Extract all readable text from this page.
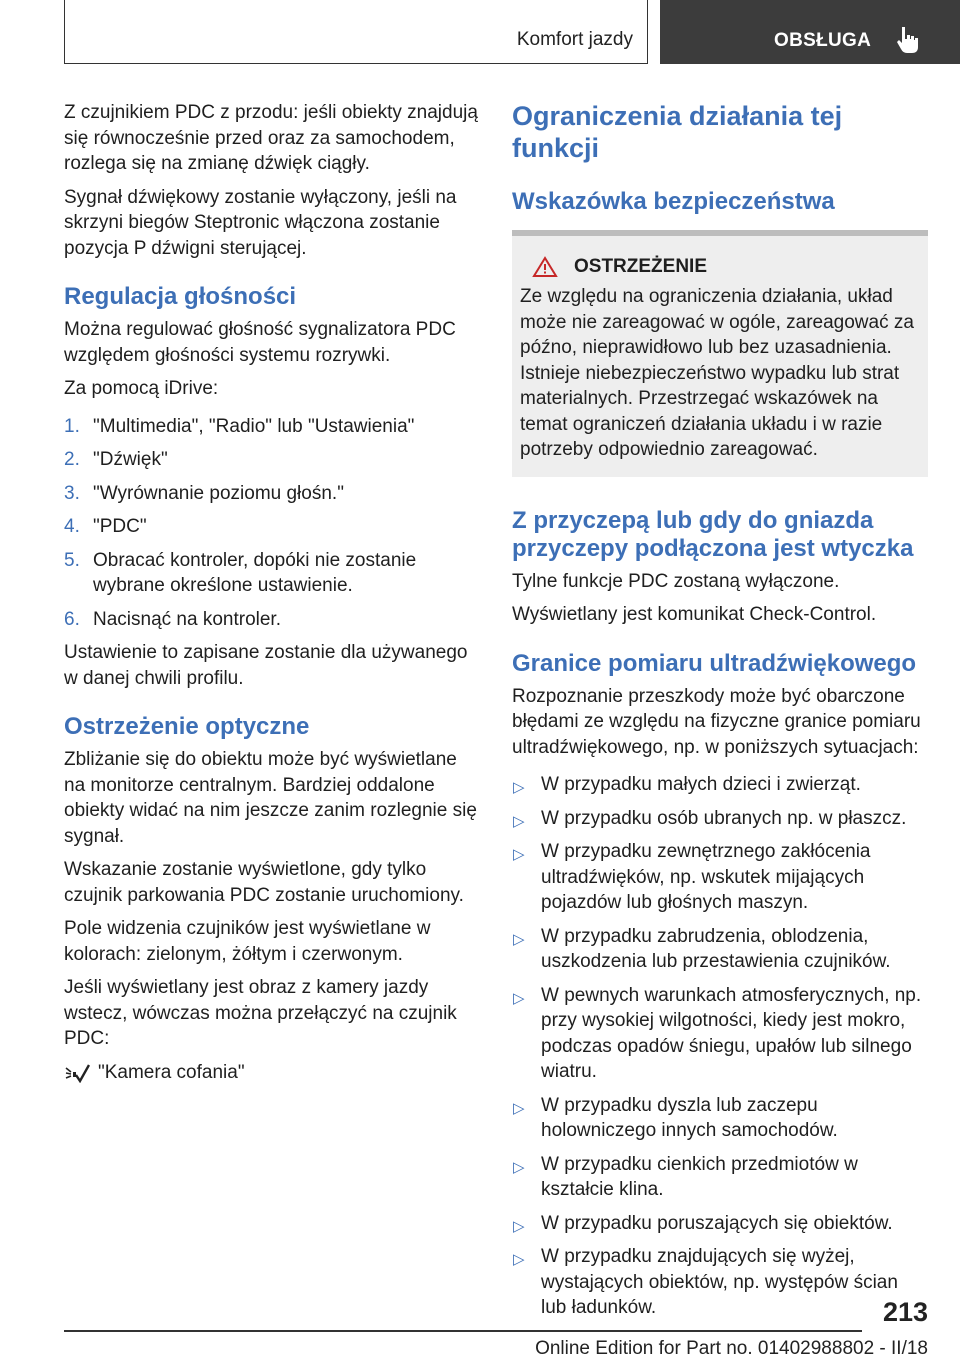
Komfort jazdy	OBSŁUGA

Z czujnikiem PDC z przodu: jeśli obiekty znajdują się równocześnie przed oraz za samochodem, rozlega się na zmianę dźwięk ciągły.

Sygnał dźwiękowy zostanie wyłączony, jeśli na skrzyni biegów Steptronic włączona zostanie pozycja P dźwigni sterującej.

Regulacja głośności

Można regulować głośność sygnalizatora PDC względem głośności systemu rozrywki.

Za pomocą iDrive:

1. "Multimedia", "Radio" lub "Ustawienia"
2. "Dźwięk"
3. "Wyrównanie poziomu głośn."
4. "PDC"
5. Obracać kontroler, dopóki nie zostanie wybrane określone ustawienie.
6. Nacisnąć na kontroler.

Ustawienie to zapisane zostanie dla używanego w danej chwili profilu.

Ostrzeżenie optyczne

Zbliżanie się do obiektu może być wyświetlane na monitorze centralnym. Bardziej oddalone obiekty widać na nim jeszcze zanim rozlegnie się sygnał.

Wskazanie zostanie wyświetlone, gdy tylko czujnik parkowania PDC zostanie uruchomiony.

Pole widzenia czujników jest wyświetlane w kolorach: zielonym, żółtym i czerwonym.

Jeśli wyświetlany jest obraz z kamery jazdy wstecz, wówczas można przełączyć na czujnik PDC:

"Kamera cofania"
Ograniczenia działania tej funkcji
Wskazówka bezpieczeństwa
OSTRZEŻENIE

Ze względu na ograniczenia działania, układ może nie zareagować w ogóle, zareagować za późno, nieprawidłowo lub bez uzasadnienia. Istnieje niebezpieczeństwo wypadku lub strat materialnych. Przestrzegać wskazówek na temat ograniczeń działania układu i w razie potrzeby odpowiednio zareagować.

Z przyczepą lub gdy do gniazda przyczepy podłączona jest wtyczka

Tylne funkcje PDC zostaną wyłączone.

Wyświetlany jest komunikat Check-Control.

Granice pomiaru ultradźwiękowego

Rozpoznanie przeszkody może być obarczone błędami ze względu na fizyczne granice pomiaru ultradźwiękowego, np. w poniższych sytuacjach:

▷ W przypadku małych dzieci i zwierząt.
▷ W przypadku osób ubranych np. w płaszcz.
▷ W przypadku zewnętrznego zakłócenia ultradźwięków, np. wskutek mijających pojazdów lub głośnych maszyn.
▷ W przypadku zabrudzenia, oblodzenia, uszkodzenia lub przestawienia czujników.
▷ W pewnych warunkach atmosferycznych, np. przy wysokiej wilgotności, kiedy jest mokro, podczas opadów śniegu, upałów lub silnego wiatru.
▷ W przypadku dyszla lub zaczepu holowniczego innych samochodów.
▷ W przypadku cienkich przedmiotów w kształcie klina.
▷ W przypadku poruszających się obiektów.
▷ W przypadku znajdujących się wyżej, wystających obiektów, np. występów ścian lub ładunków.	213
Online Edition for Part no. 01402988802 - II/18
